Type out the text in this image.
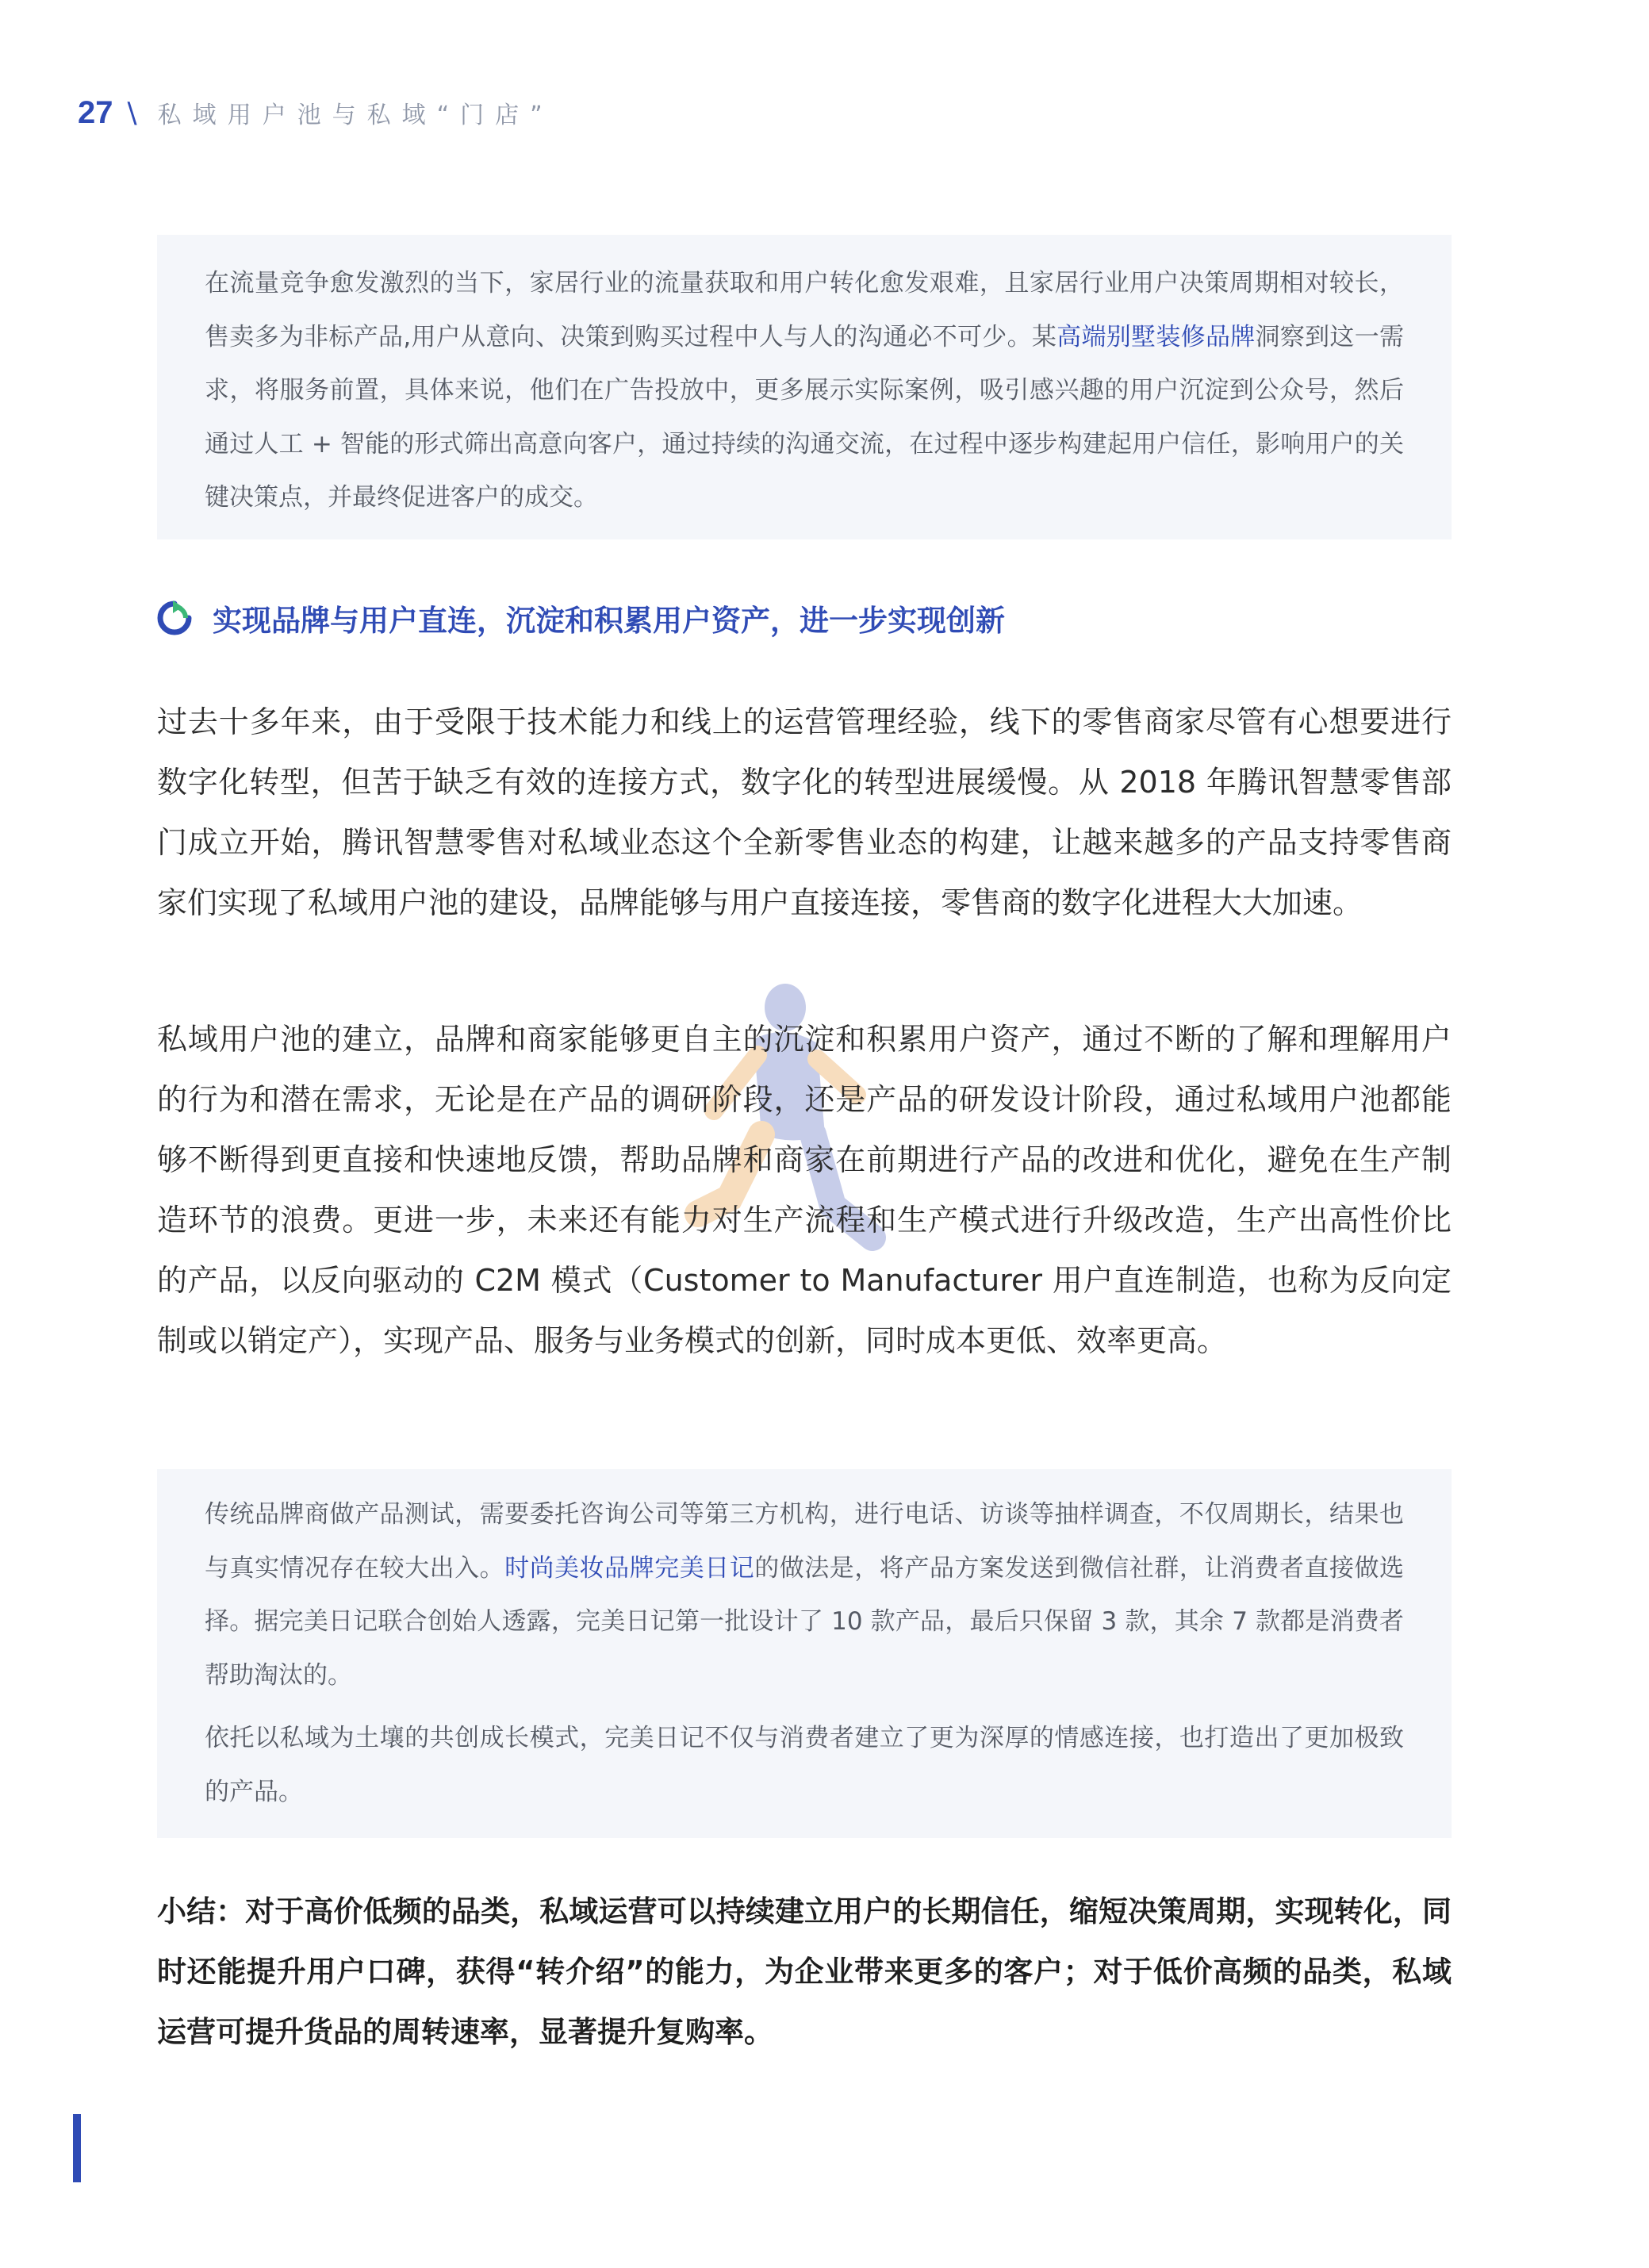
27 \ 私域用户池与私域“门店”

在流量竞争愈发激烈的当下，家居行业的流量获取和用户转化愈发艰难，且家居行业用户决策周期相对较长，售卖多为非标产品,用户从意向、决策到购买过程中人与人的沟通必不可少。某高端别墅装修品牌洞察到这一需求，将服务前置，具体来说，他们在广告投放中，更多展示实际案例，吸引感兴趣的用户沉淀到公众号，然后通过人工 + 智能的形式筛出高意向客户，通过持续的沟通交流，在过程中逐步构建起用户信任，影响用户的关键决策点，并最终促进客户的成交。

实现品牌与用户直连，沉淀和积累用户资产，进一步实现创新

过去十多年来，由于受限于技术能力和线上的运营管理经验，线下的零售商家尽管有心想要进行数字化转型，但苦于缺乏有效的连接方式，数字化的转型进展缓慢。从 2018 年腾讯智慧零售部门成立开始，腾讯智慧零售对私域业态这个全新零售业态的构建，让越来越多的产品支持零售商家们实现了私域用户池的建设，品牌能够与用户直接连接，零售商的数字化进程大大加速。

私域用户池的建立，品牌和商家能够更自主的沉淀和积累用户资产，通过不断的了解和理解用户的行为和潜在需求，无论是在产品的调研阶段，还是产品的研发设计阶段，通过私域用户池都能够不断得到更直接和快速地反馈，帮助品牌和商家在前期进行产品的改进和优化，避免在生产制造环节的浪费。更进一步，未来还有能力对生产流程和生产模式进行升级改造，生产出高性价比的产品，以反向驱动的 C2M 模式（Customer to Manufacturer 用户直连制造，也称为反向定制或以销定产），实现产品、服务与业务模式的创新，同时成本更低、效率更高。

传统品牌商做产品测试，需要委托咨询公司等第三方机构，进行电话、访谈等抽样调查，不仅周期长，结果也与真实情况存在较大出入。时尚美妆品牌完美日记的做法是，将产品方案发送到微信社群，让消费者直接做选择。据完美日记联合创始人透露，完美日记第一批设计了 10 款产品，最后只保留 3 款，其余 7 款都是消费者帮助淘汰的。

依托以私域为土壤的共创成长模式，完美日记不仅与消费者建立了更为深厚的情感连接，也打造出了更加极致的产品。

小结：对于高价低频的品类，私域运营可以持续建立用户的长期信任，缩短决策周期，实现转化，同时还能提升用户口碑，获得“转介绍”的能力，为企业带来更多的客户；对于低价高频的品类，私域运营可提升货品的周转速率，显著提升复购率。
